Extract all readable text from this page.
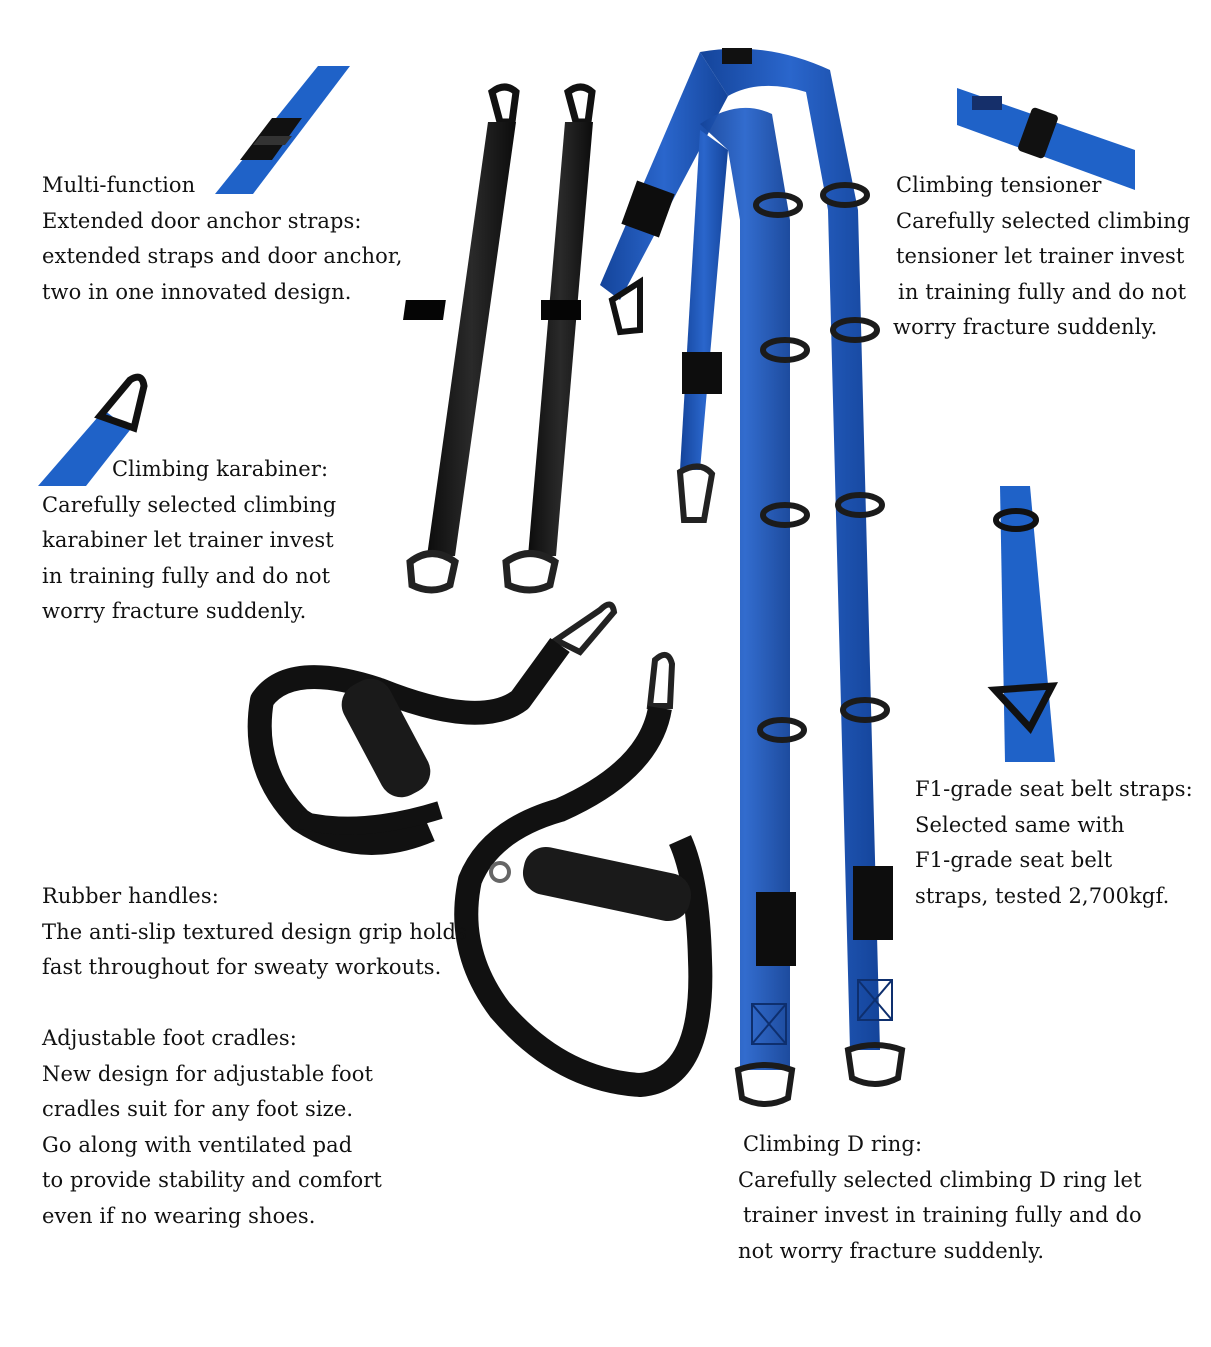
Multi-function
Extended door anchor straps:
extended straps and door anchor,
two in one innovated design.
Climbing tensioner
Carefully selected climbing
tensioner let trainer invest
in training fully and do not
worry fracture suddenly.
Climbing karabiner:
Carefully selected climbing
karabiner let trainer invest
in training fully and do not
worry fracture suddenly.
F1-grade seat belt straps:
Selected same with
F1-grade seat belt
straps, tested 2,700kgf.
Rubber handles:
The anti-slip textured design grip holds
fast throughout for sweaty workouts.
Adjustable foot cradles:
New design for adjustable foot
cradles suit for any foot size.
Go along with ventilated pad
to provide stability and comfort
even if no wearing shoes.
Climbing D ring:
Carefully selected climbing D ring let
trainer invest in training fully and do
not worry fracture suddenly.
